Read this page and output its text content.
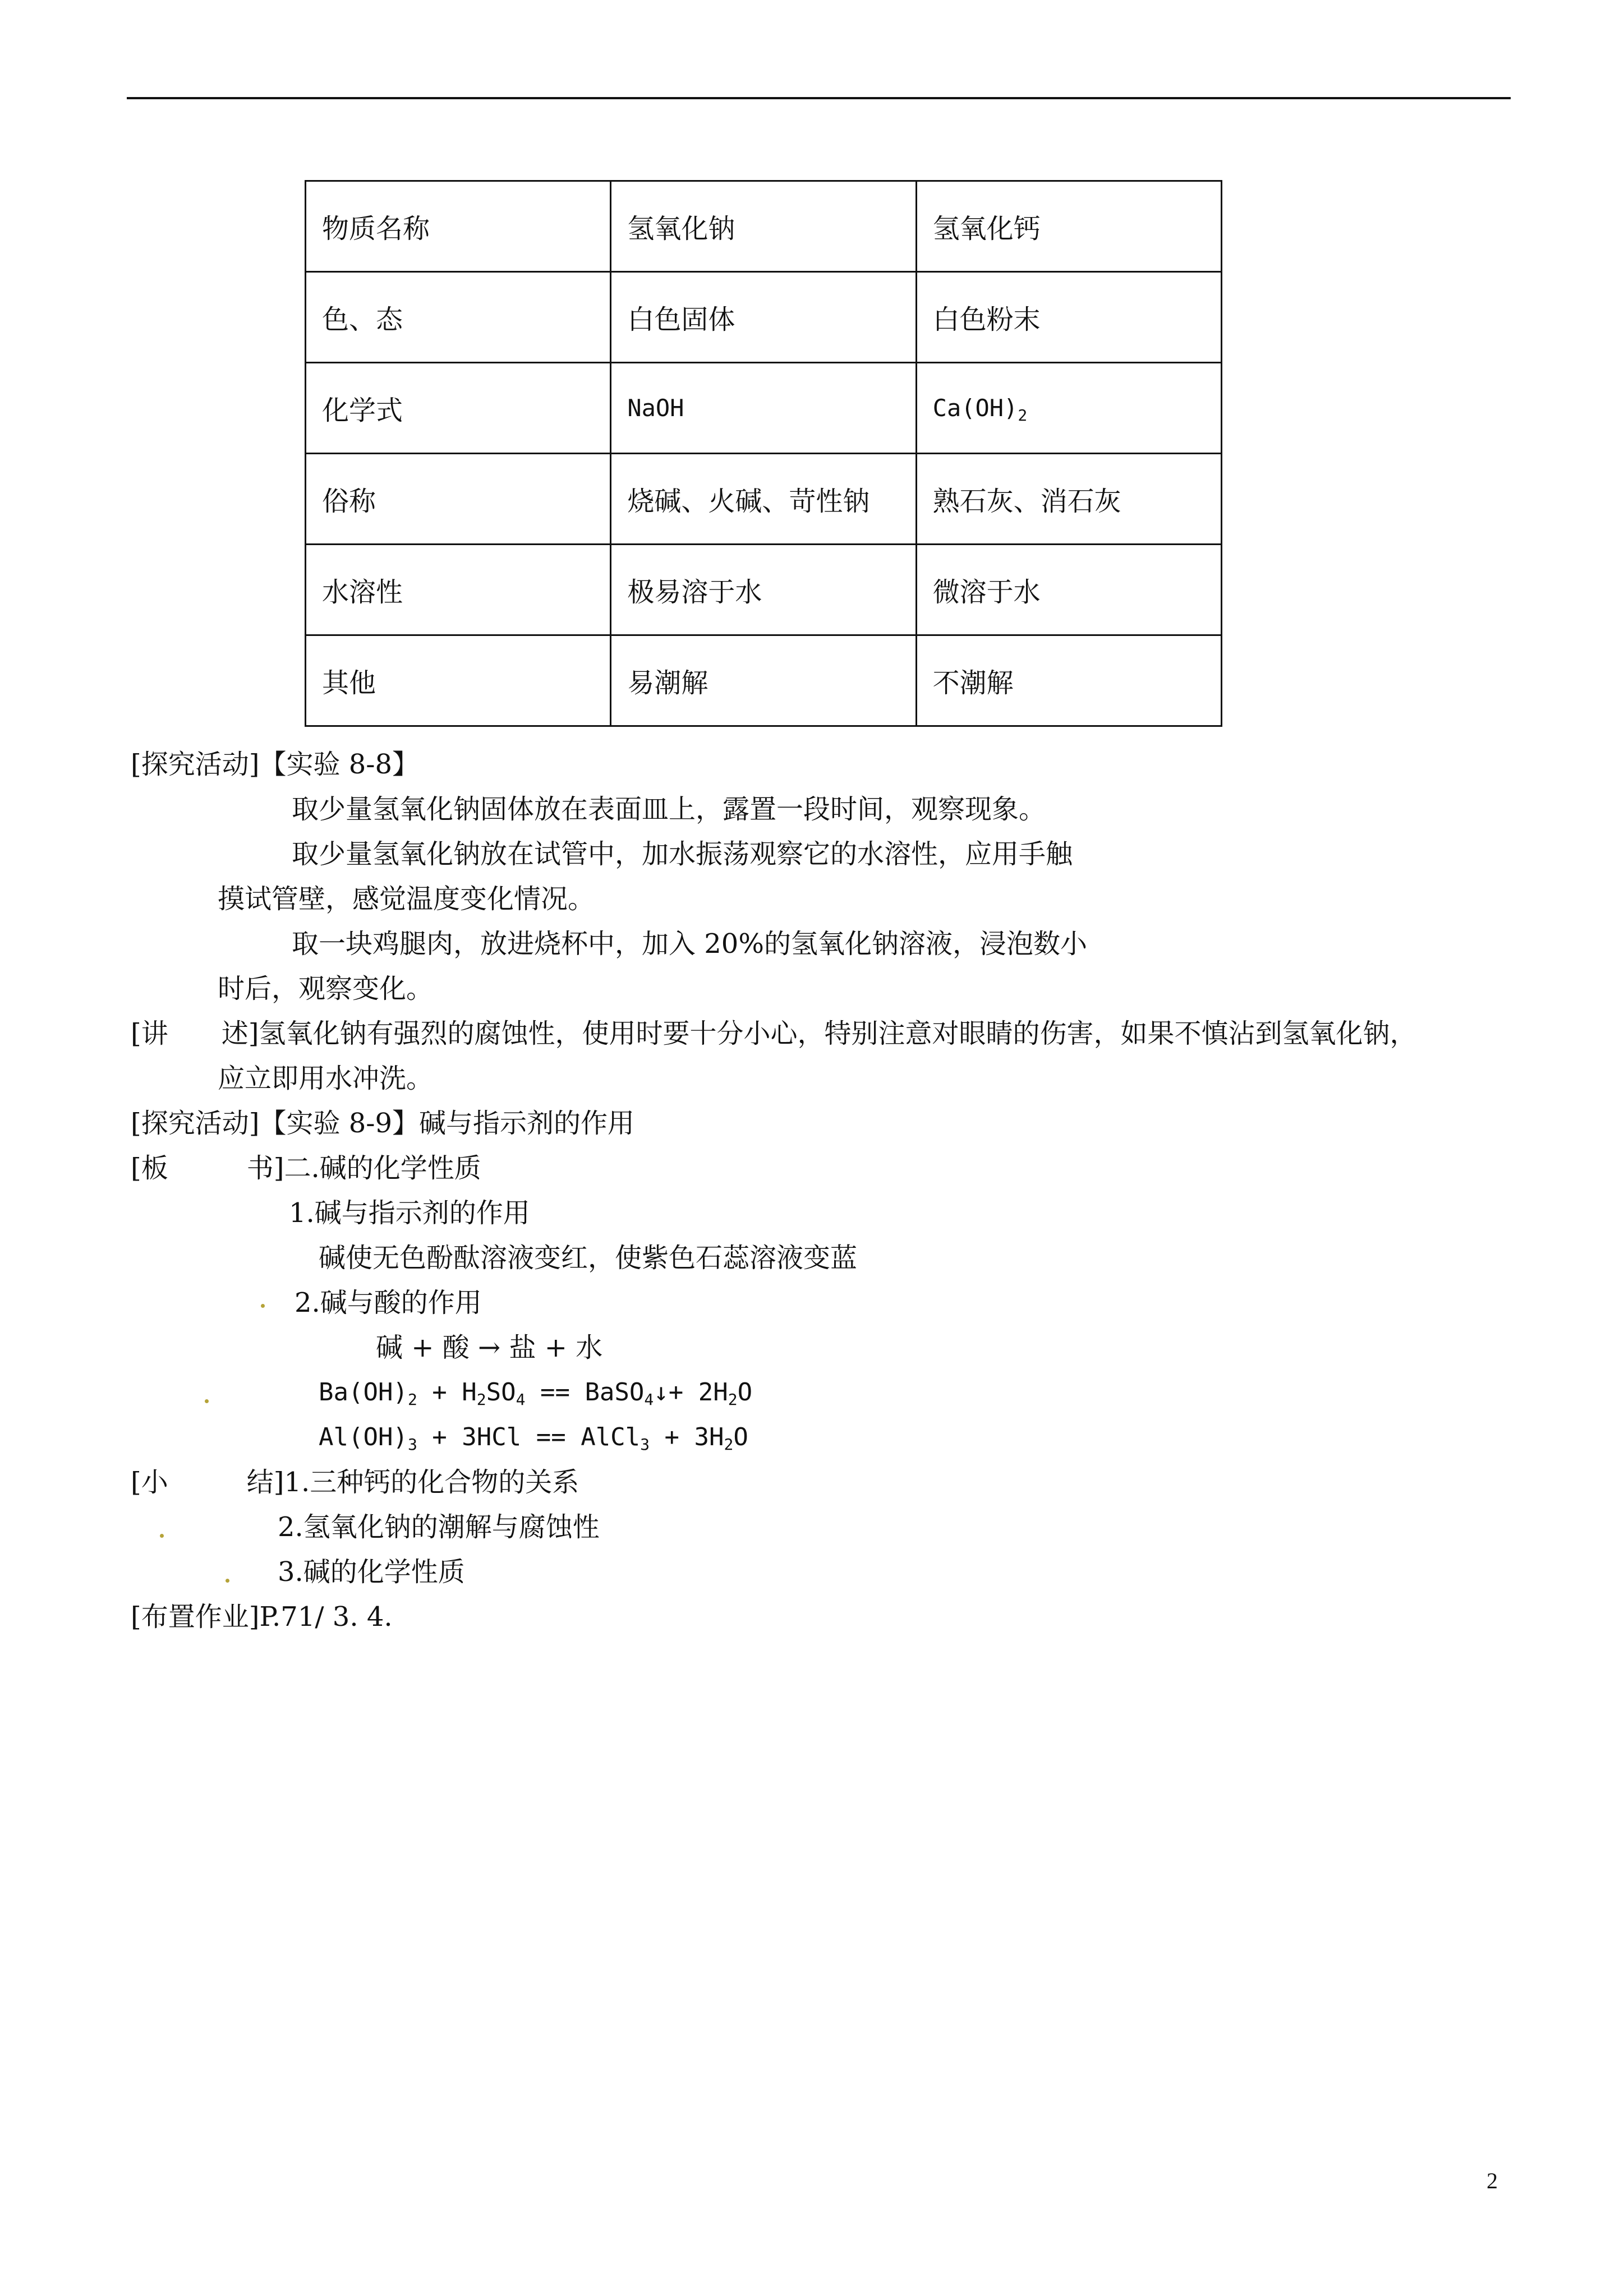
物质名称	氢氧化钠	氢氧化钙
色、态	白色固体	白色粉末
化学式	NaOH	$Ca(OH)_2$
俗称	烧碱、火碱、苛性钠	熟石灰、消石灰
水溶性	极易溶于水	微溶于水
其他	易潮解	不潮解
[探究活动]【实验 8-8】
取少量氢氧化钠固体放在表面皿上，露置一段时间，观察现象。
取少量氢氧化钠放在试管中，加水振荡观察它的水溶性，应用手触
摸试管壁，感觉温度变化情况。
取一块鸡腿肉，放进烧杯中，加入 20%的氢氧化钠溶液，浸泡数小
时后，观察变化。
[讲 述]氢氧化钠有强烈的腐蚀性，使用时要十分小心，特别注意对眼睛的伤害，如果不慎沾到氢氧化钠，
应立即用水冲洗。
[探究活动]【实验 8-9】碱与指示剂的作用
[板	书]二.碱的化学性质
1.碱与指示剂的作用
碱使无色酚酞溶液变红，使紫色石蕊溶液变蓝
2.碱与酸的作用
碱 + 酸 → 盐 + 水
$Ba(OH)_2 + H_2SO_4$ == BaSO$_4$↓+ $2H_2O$
$Al(OH)_3 + 3HCl$ == AlCl$_3$ + $3H_2O$
[小	结]1.三种钙的化合物的关系
2.氢氧化钠的潮解与腐蚀性
3.碱的化学性质
[布置作业]P.71/ 3. 4.
2
